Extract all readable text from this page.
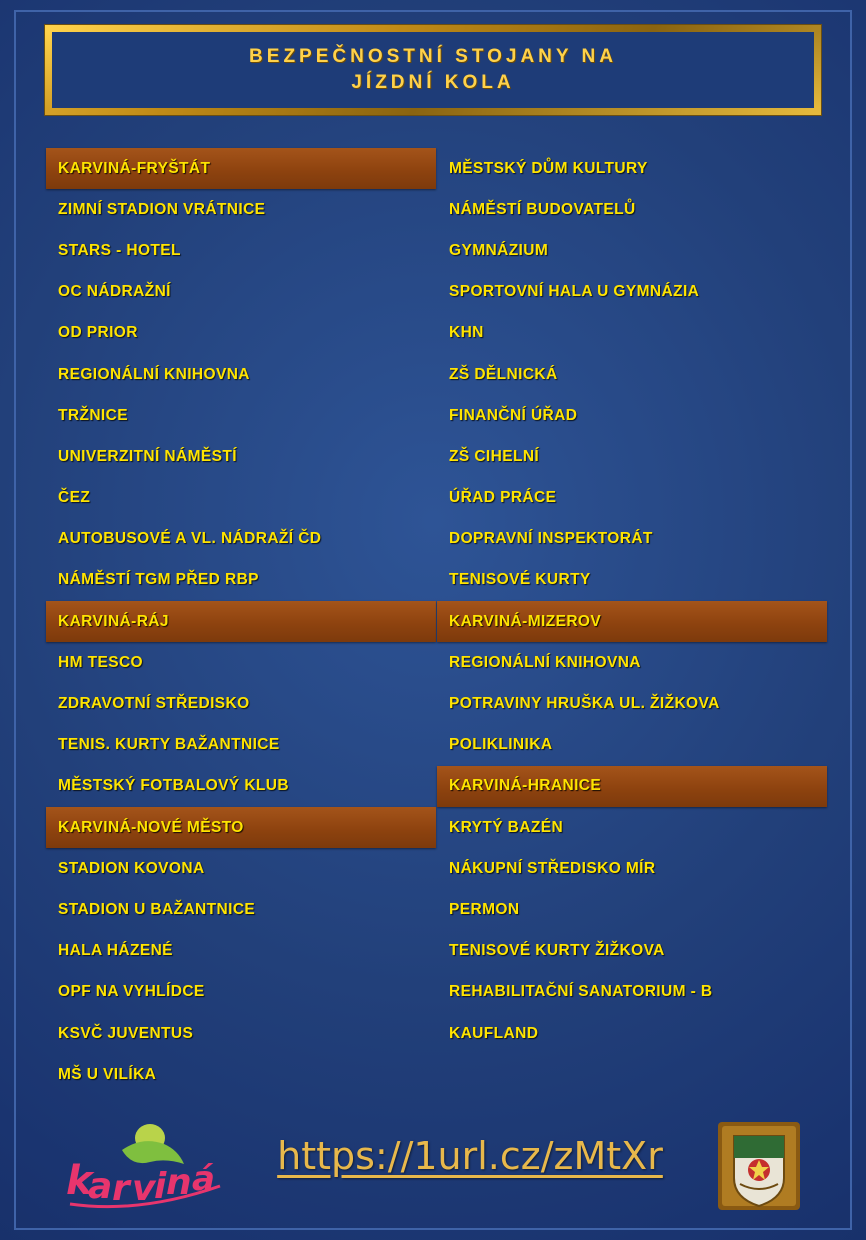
BEZPEČNOSTNÍ STOJANY NA
JÍZDNÍ KOLA
KARVINÁ-FRYŠTÁT
ZIMNÍ STADION VRÁTNICE
STARS - HOTEL
OC NÁDRAŽNÍ
OD PRIOR
REGIONÁLNÍ KNIHOVNA
TRŽNICE
UNIVERZITNÍ NÁMĚSTÍ
ČEZ
AUTOBUSOVÉ A VL. NÁDRAŽÍ ČD
NÁMĚSTÍ TGM PŘED RBP
KARVINÁ-RÁJ
HM TESCO
ZDRAVOTNÍ STŘEDISKO
TENIS. KURTY BAŽANTNICE
MĚSTSKÝ FOTBALOVÝ KLUB
KARVINÁ-NOVÉ MĚSTO
STADION KOVONA
STADION U BAŽANTNICE
HALA HÁZENÉ
OPF NA VYHLÍDCE
KSVČ JUVENTUS
MŠ U VILÍKA
MĚSTSKÝ DŮM KULTURY
NÁMĚSTÍ BUDOVATELŮ
GYMNÁZIUM
SPORTOVNÍ HALA U GYMNÁZIA
KHN
ZŠ DĚLNICKÁ
FINANČNÍ ÚŘAD
ZŠ CIHELNÍ
ÚŘAD PRÁCE
DOPRAVNÍ INSPEKTORÁT
TENISOVÉ KURTY
KARVINÁ-MIZEROV
REGIONÁLNÍ KNIHOVNA
POTRAVINY HRUŠKA UL. ŽIŽKOVA
POLIKLINIKA
KARVINÁ-HRANICE
KRYTÝ BAZÉN
NÁKUPNÍ STŘEDISKO MÍR
PERMON
TENISOVÉ KURTY ŽIŽKOVA
REHABILITAČNÍ SANATORIUM - B
KAUFLAND
k
a r v
i n á
https://1url.cz/zMtXr
